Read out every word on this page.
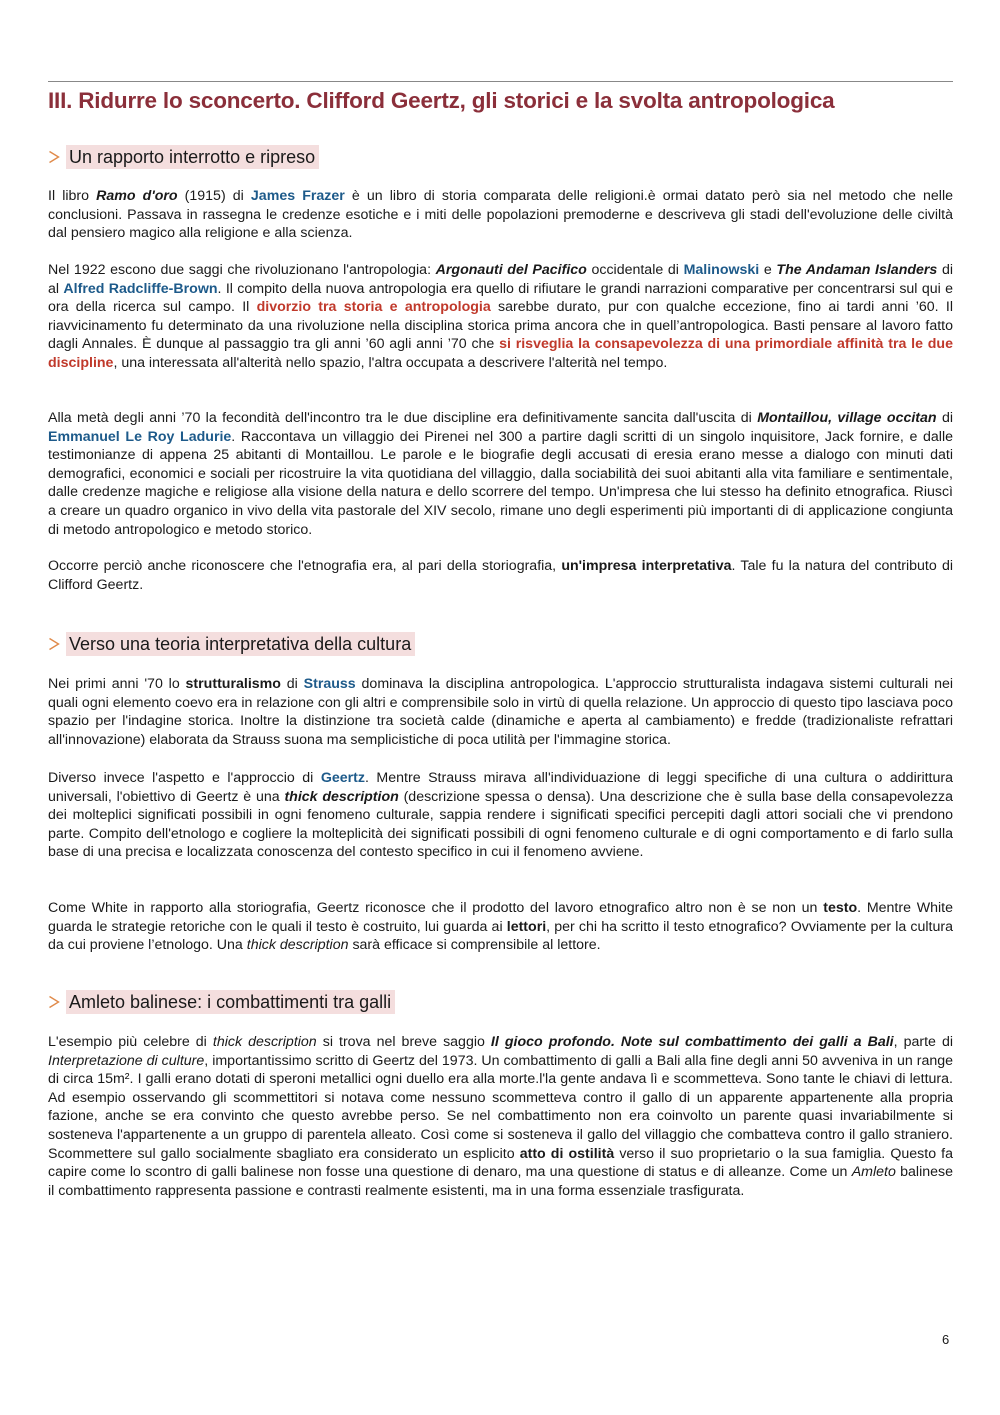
III. Ridurre lo sconcerto. Clifford Geertz, gli storici e la svolta antropologica
Un rapporto interrotto e ripreso

Il libro Ramo d'oro (1915) di James Frazer è un libro di storia comparata delle religioni.è ormai datato però sia nel metodo che nelle conclusioni. Passava in rassegna le credenze esotiche e i miti delle popolazioni premoderne e descriveva gli stadi dell'evoluzione delle civiltà dal pensiero magico alla religione e alla scienza.

Nel 1922 escono due saggi che rivoluzionano l'antropologia: Argonauti del Pacifico occidentale di Malinowski e The Andaman Islanders di al Alfred Radcliffe-Brown. Il compito della nuova antropologia era quello di rifiutare le grandi narrazioni comparative per concentrarsi sul qui e ora della ricerca sul campo. Il divorzio tra storia e antropologia sarebbe durato, pur con qualche eccezione, fino ai tardi anni ’60. Il riavvicinamento fu determinato da una rivoluzione nella disciplina storica prima ancora che in quell’antropologica. Basti pensare al lavoro fatto dagli Annales. È dunque al passaggio tra gli anni ’60 agli anni ’70 che si risveglia la consapevolezza di una primordiale affinità tra le due discipline, una interessata all'alterità nello spazio, l'altra occupata a descrivere l'alterità nel tempo.

Alla metà degli anni ’70 la fecondità dell'incontro tra le due discipline era definitivamente sancita dall'uscita di Montaillou, village occitan di Emmanuel Le Roy Ladurie. Raccontava un villaggio dei Pirenei nel 300 a partire dagli scritti di un singolo inquisitore, Jack fornire, e dalle testimonianze di appena 25 abitanti di Montaillou. Le parole e le biografie degli accusati di eresia erano messe a dialogo con minuti dati demografici, economici e sociali per ricostruire la vita quotidiana del villaggio, dalla sociabilità dei suoi abitanti alla vita familiare e sentimentale, dalle credenze magiche e religiose alla visione della natura e dello scorrere del tempo. Un'impresa che lui stesso ha definito etnografica. Riuscì a creare un quadro organico in vivo della vita pastorale del XIV secolo, rimane uno degli esperimenti più importanti di di applicazione congiunta di metodo antropologico e metodo storico.

Occorre perciò anche riconoscere che l'etnografia era, al pari della storiografia, un'impresa interpretativa. Tale fu la natura del contributo di Clifford Geertz.

Verso una teoria interpretativa della cultura

Nei primi anni '70 lo strutturalismo di Strauss dominava la disciplina antropologica. L'approccio strutturalista indagava sistemi culturali nei quali ogni elemento coevo era in relazione con gli altri e comprensibile solo in virtù di quella relazione. Un approccio di questo tipo lasciava poco spazio per l'indagine storica. Inoltre la distinzione tra società calde (dinamiche e aperta al cambiamento) e fredde (tradizionaliste refrattari all'innovazione) elaborata da Strauss suona ma semplicistiche di poca utilità per l'immagine storica.

Diverso invece l'aspetto e l'approccio di Geertz. Mentre Strauss mirava all'individuazione di leggi specifiche di una cultura o addirittura universali, l'obiettivo di Geertz è una thick description (descrizione spessa o densa). Una descrizione che è sulla base della consapevolezza dei molteplici significati possibili in ogni fenomeno culturale, sappia rendere i significati specifici percepiti dagli attori sociali che vi prendono parte. Compito dell'etnologo e cogliere la molteplicità dei significati possibili di ogni fenomeno culturale e di ogni comportamento e di farlo sulla base di una precisa e localizzata conoscenza del contesto specifico in cui il fenomeno avviene.

Come White in rapporto alla storiografia, Geertz riconosce che il prodotto del lavoro etnografico altro non è se non un testo. Mentre White guarda le strategie retoriche con le quali il testo è costruito, lui guarda ai lettori, per chi ha scritto il testo etnografico? Ovviamente per la cultura da cui proviene l’etnologo. Una thick description sarà efficace si comprensibile al lettore.

Amleto balinese: i combattimenti tra galli

L'esempio più celebre di thick description si trova nel breve saggio Il gioco profondo. Note sul combattimento dei galli a Bali, parte di Interpretazione di culture, importantissimo scritto di Geertz del 1973. Un combattimento di galli a Bali alla fine degli anni 50 avveniva in un range di circa 15m². I galli erano dotati di speroni metallici ogni duello era alla morte.l'la gente andava lì e scommetteva. Sono tante le chiavi di lettura. Ad esempio osservando gli scommettitori si notava come nessuno scommetteva contro il gallo di un apparente appartenente alla propria fazione, anche se era convinto che questo avrebbe perso. Se nel combattimento non era coinvolto un parente quasi invariabilmente si sosteneva l'appartenente a un gruppo di parentela alleato. Così come si sosteneva il gallo del villaggio che combatteva contro il gallo straniero. Scommettere sul gallo socialmente sbagliato era considerato un esplicito atto di ostilità verso il suo proprietario o la sua famiglia. Questo fa capire come lo scontro di galli balinese non fosse una questione di denaro, ma una questione di status e di alleanze. Come un Amleto balinese il combattimento rappresenta passione e contrasti realmente esistenti, ma in una forma essenziale trasfigurata.

6
